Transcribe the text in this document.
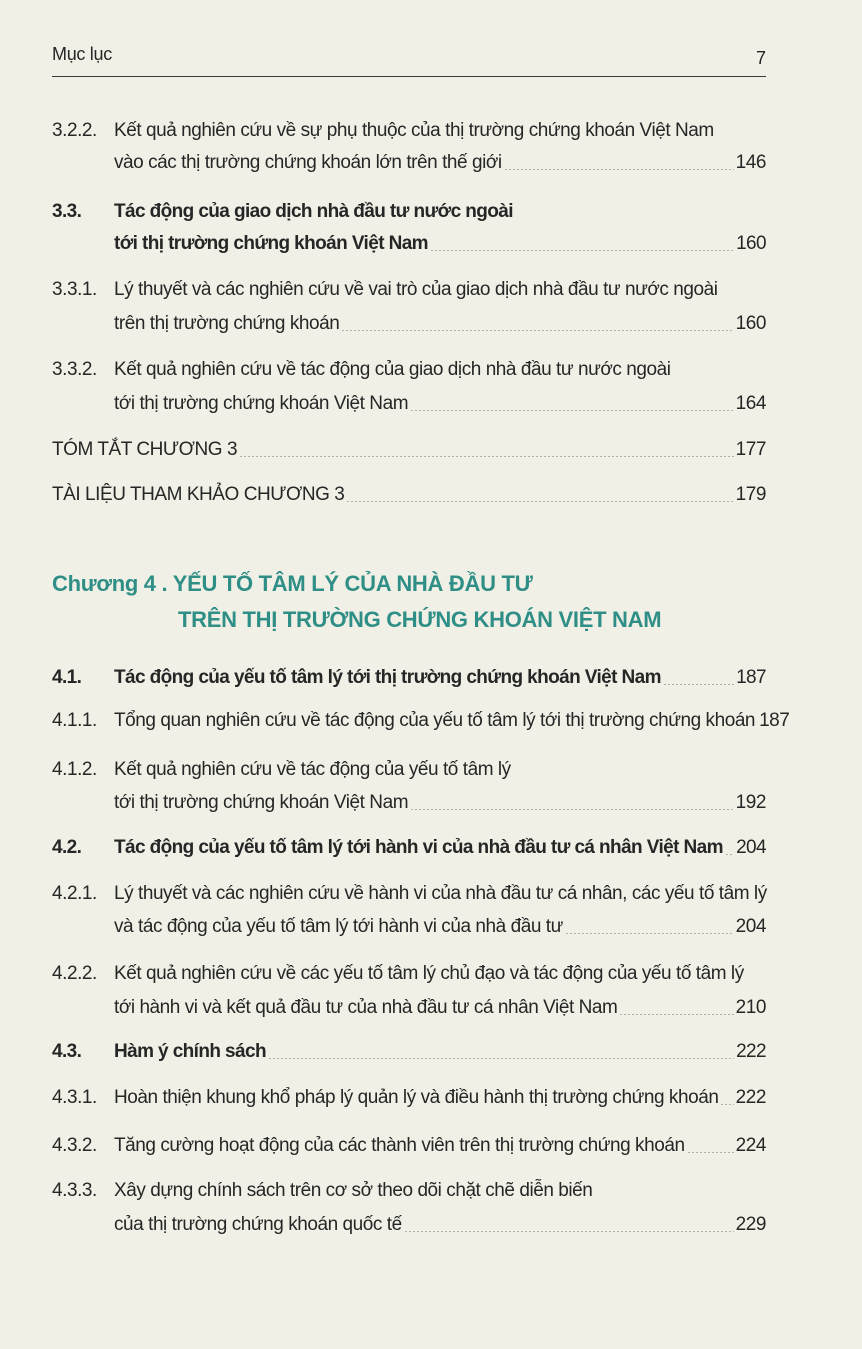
Mục lục	7
3.2.2. Kết quả nghiên cứu về sự phụ thuộc của thị trường chứng khoán Việt Nam
vào các thị trường chứng khoán lớn trên thế giới	146
3.3. Tác động của giao dịch nhà đầu tư nước ngoài
tới thị trường chứng khoán Việt Nam	160
3.3.1. Lý thuyết và các nghiên cứu về vai trò của giao dịch nhà đầu tư nước ngoài
trên thị trường chứng khoán	160
3.3.2. Kết quả nghiên cứu về tác động của giao dịch nhà đầu tư nước ngoài
tới thị trường chứng khoán Việt Nam	164
TÓM TẮT CHƯƠNG 3	177
TÀI LIỆU THAM KHẢO CHƯƠNG 3	179
Chương 4 . YẾU TỐ TÂM LÝ CỦA NHÀ ĐẦU TƯ
TRÊN THỊ TRƯỜNG CHỨNG KHOÁN VIỆT NAM
4.1. Tác động của yếu tố tâm lý tới thị trường chứng khoán Việt Nam	187
4.1.1. Tổng quan nghiên cứu về tác động của yếu tố tâm lý tới thị trường chứng khoán 187
4.1.2. Kết quả nghiên cứu về tác động của yếu tố tâm lý
tới thị trường chứng khoán Việt Nam	192
4.2. Tác động của yếu tố tâm lý tới hành vi của nhà đầu tư cá nhân Việt Nam 204
4.2.1. Lý thuyết và các nghiên cứu về hành vi của nhà đầu tư cá nhân, các yếu tố tâm lý
và tác động của yếu tố tâm lý tới hành vi của nhà đầu tư	204
4.2.2. Kết quả nghiên cứu về các yếu tố tâm lý chủ đạo và tác động của yếu tố tâm lý
tới hành vi và kết quả đầu tư của nhà đầu tư cá nhân Việt Nam	210
4.3. Hàm ý chính sách	222
4.3.1. Hoàn thiện khung khổ pháp lý quản lý và điều hành thị trường chứng khoán 222
4.3.2. Tăng cường hoạt động của các thành viên trên thị trường chứng khoán	224
4.3.3. Xây dựng chính sách trên cơ sở theo dõi chặt chẽ diễn biến
của thị trường chứng khoán quốc tế	229
